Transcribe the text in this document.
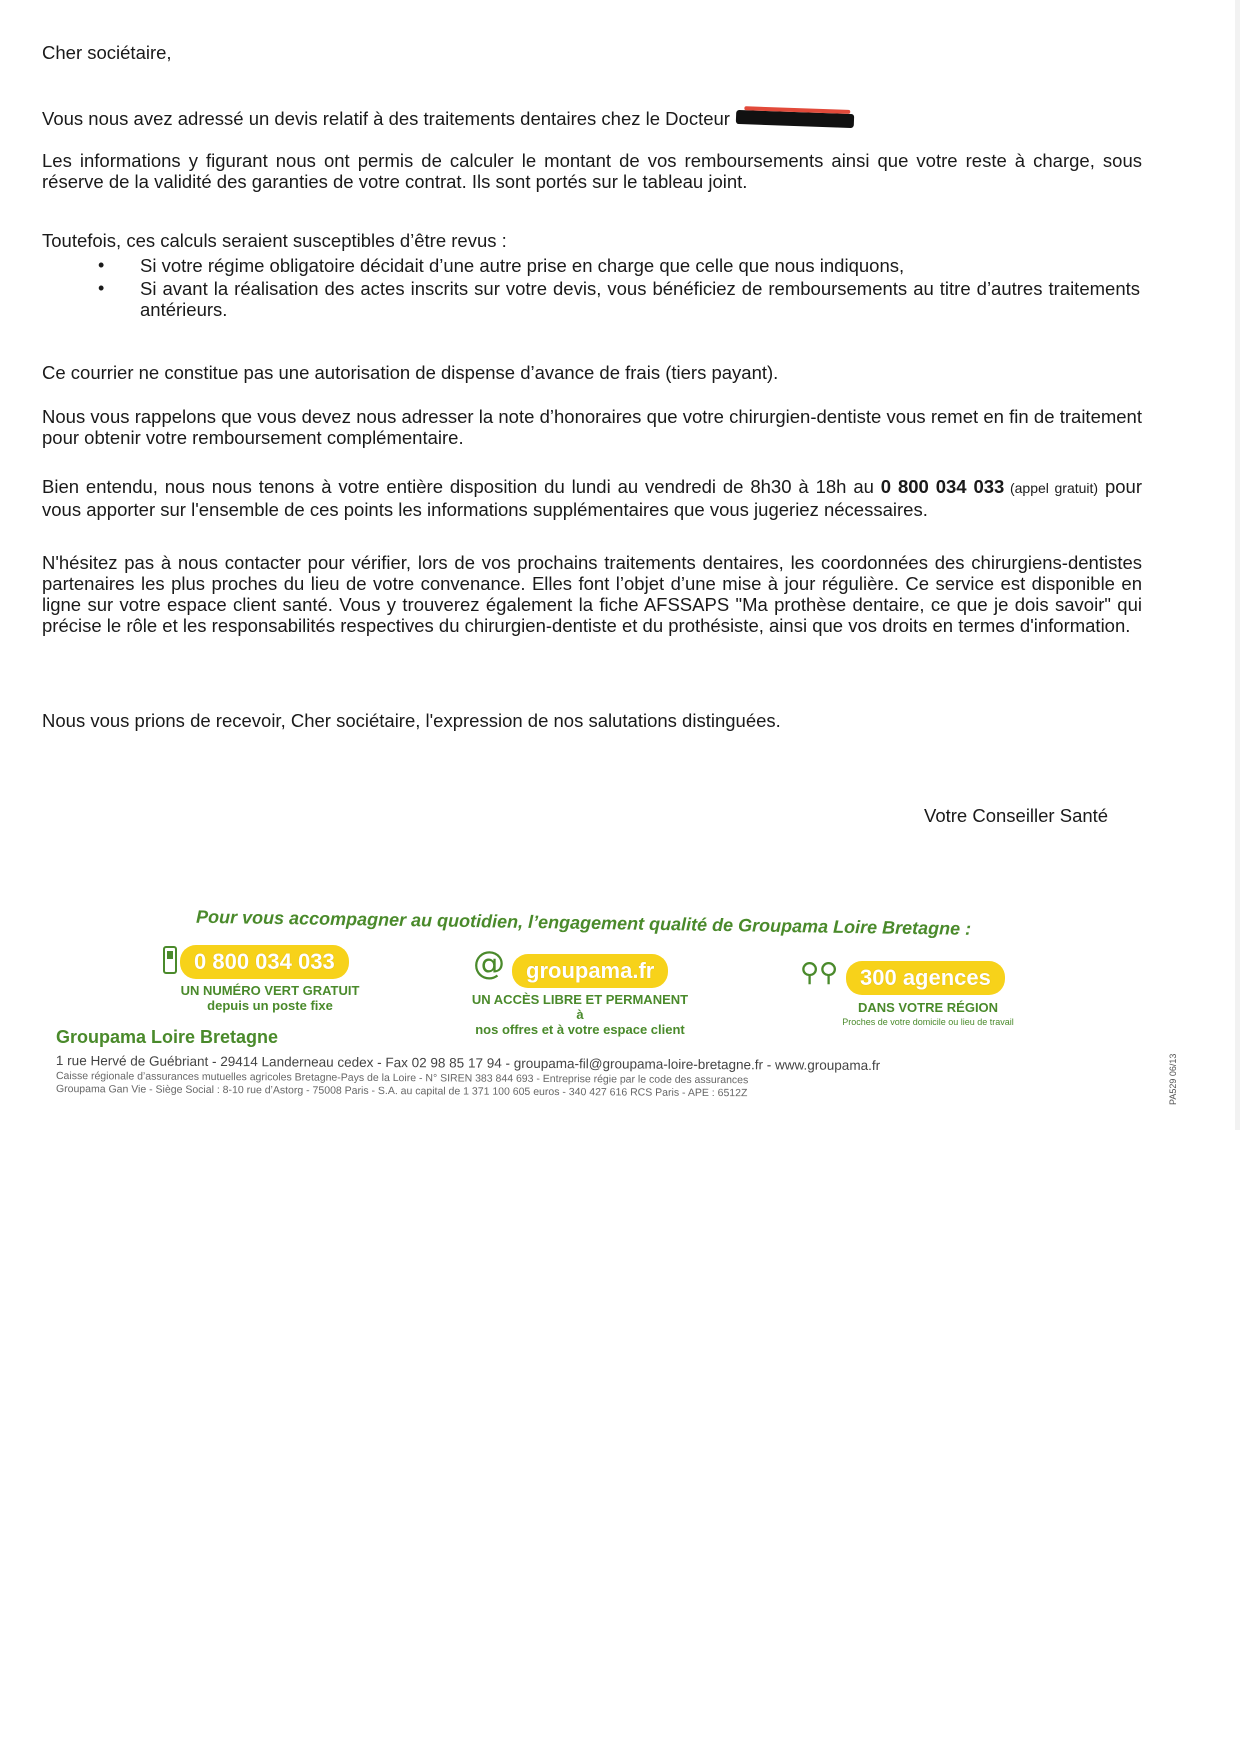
Cher sociétaire,

Vous nous avez adressé un devis relatif à des traitements dentaires chez le Docteur

Les informations y figurant nous ont permis de calculer le montant de vos remboursements ainsi que votre reste à charge, sous réserve de la validité des garanties de votre contrat. Ils sont portés sur le tableau joint.

Toutefois, ces calculs seraient susceptibles d’être revus :

• Si votre régime obligatoire décidait d’une autre prise en charge que celle que nous indiquons,
• Si avant la réalisation des actes inscrits sur votre devis, vous bénéficiez de remboursements au titre d’autres traitements antérieurs.

Ce courrier ne constitue pas une autorisation de dispense d’avance de frais (tiers payant).

Nous vous rappelons que vous devez nous adresser la note d’honoraires que votre chirurgien-dentiste vous remet en fin de traitement pour obtenir votre remboursement complémentaire.

Bien entendu, nous nous tenons à votre entière disposition du lundi au vendredi de 8h30 à 18h au 0 800 034 033 (appel gratuit) pour vous apporter sur l'ensemble de ces points les informations supplémentaires que vous jugeriez nécessaires.

N'hésitez pas à nous contacter pour vérifier, lors de vos prochains traitements dentaires, les coordonnées des chirurgiens-dentistes partenaires les plus proches du lieu de votre convenance. Elles font l’objet d’une mise à jour régulière. Ce service est disponible en ligne sur votre espace client santé. Vous y trouverez également la fiche AFSSAPS "Ma prothèse dentaire, ce que je dois savoir" qui précise le rôle et les responsabilités respectives du chirurgien-dentiste et du prothésiste, ainsi que vos droits en termes d'information.

Nous vous prions de recevoir, Cher sociétaire, l'expression de nos salutations distinguées.

Votre Conseiller Santé
Pour vous accompagner au quotidien, l’engagement qualité de Groupama Loire Bretagne :
0 800 034 033
UN NUMÉRO VERT GRATUIT
depuis un poste fixe
@ groupama.fr
UN ACCÈS LIBRE ET PERMANENT à
nos offres et à votre espace client
⚲⚲ 300 agences
DANS VOTRE RÉGION
Proches de votre domicile ou lieu de travail
Groupama Loire Bretagne
1 rue Hervé de Guébriant - 29414 Landerneau cedex - Fax 02 98 85 17 94 - groupama-fil@groupama-loire-bretagne.fr - www.groupama.fr
Caisse régionale d’assurances mutuelles agricoles Bretagne-Pays de la Loire - N° SIREN 383 844 693 - Entreprise régie par le code des assurances
Groupama Gan Vie - Siège Social : 8-10 rue d’Astorg - 75008 Paris - S.A. au capital de 1 371 100 605 euros - 340 427 616 RCS Paris - APE : 6512Z	PA529 06/13
